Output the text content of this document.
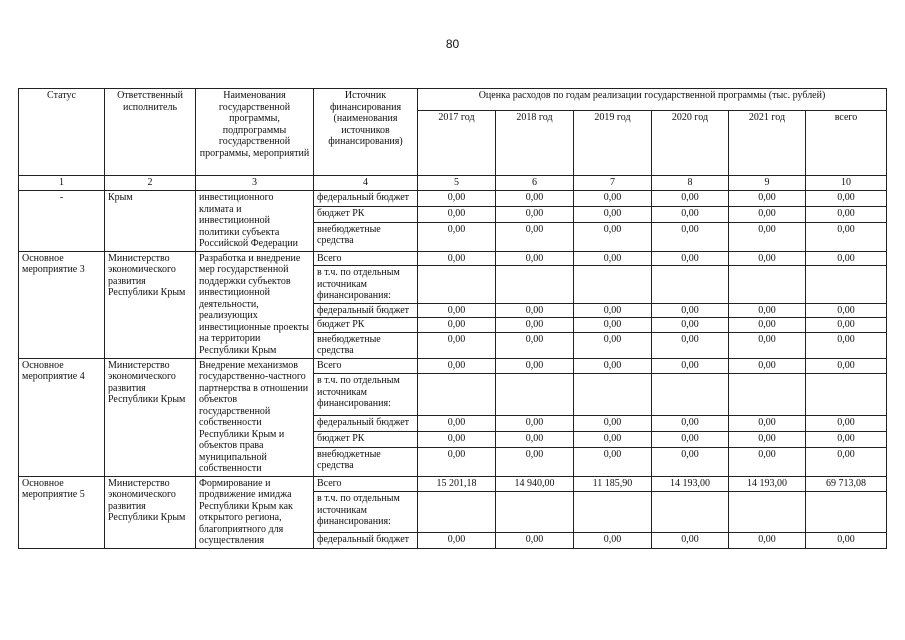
80
Статус	Ответственный исполнитель	Наименования государственной программы, подпрограммы государственной программы, мероприятий	Источник финансирования (наименования источников финансирования)	Оценка расходов по годам реализации государственной программы (тыс. рублей)					
				2017 год	2018 год	2019 год	2020 год	2021 год	всего
1	2	3	4	5	6	7	8	9	10
-	Крым	инвестиционного климата и инвестиционной политики субъекта Российской Федерации	федеральный бюджет	0,00	0,00	0,00	0,00	0,00	0,00
			бюджет РК	0,00	0,00	0,00	0,00	0,00	0,00
			внебюджетные средства	0,00	0,00	0,00	0,00	0,00	0,00
Основное мероприятие 3	Министерство экономического развития Республики Крым	Разработка и внедрение мер государственной поддержки субъектов инвестиционной деятельности, реализующих инвестиционные проекты на территории Республики Крым	Всего	0,00	0,00	0,00	0,00	0,00	0,00
			в т.ч. по отдельным источникам финансирования:						
			федеральный бюджет	0,00	0,00	0,00	0,00	0,00	0,00
			бюджет РК	0,00	0,00	0,00	0,00	0,00	0,00
			внебюджетные средства	0,00	0,00	0,00	0,00	0,00	0,00
Основное мероприятие 4	Министерство экономического развития Республики Крым	Внедрение механизмов государственно-частного партнерства в отношении объектов государственной собственности Республики Крым и объектов права муниципальной собственности	Всего	0,00	0,00	0,00	0,00	0,00	0,00
			в т.ч. по отдельным источникам финансирования:						
			федеральный бюджет	0,00	0,00	0,00	0,00	0,00	0,00
			бюджет РК	0,00	0,00	0,00	0,00	0,00	0,00
			внебюджетные средства	0,00	0,00	0,00	0,00	0,00	0,00
Основное мероприятие 5	Министерство экономического развития Республики Крым	Формирование и продвижение имиджа Республики Крым как открытого региона, благоприятного для осуществления	Всего	15 201,18	14 940,00	11 185,90	14 193,00	14 193,00	69 713,08
			в т.ч. по отдельным источникам финансирования:						
			федеральный бюджет	0,00	0,00	0,00	0,00	0,00	0,00
